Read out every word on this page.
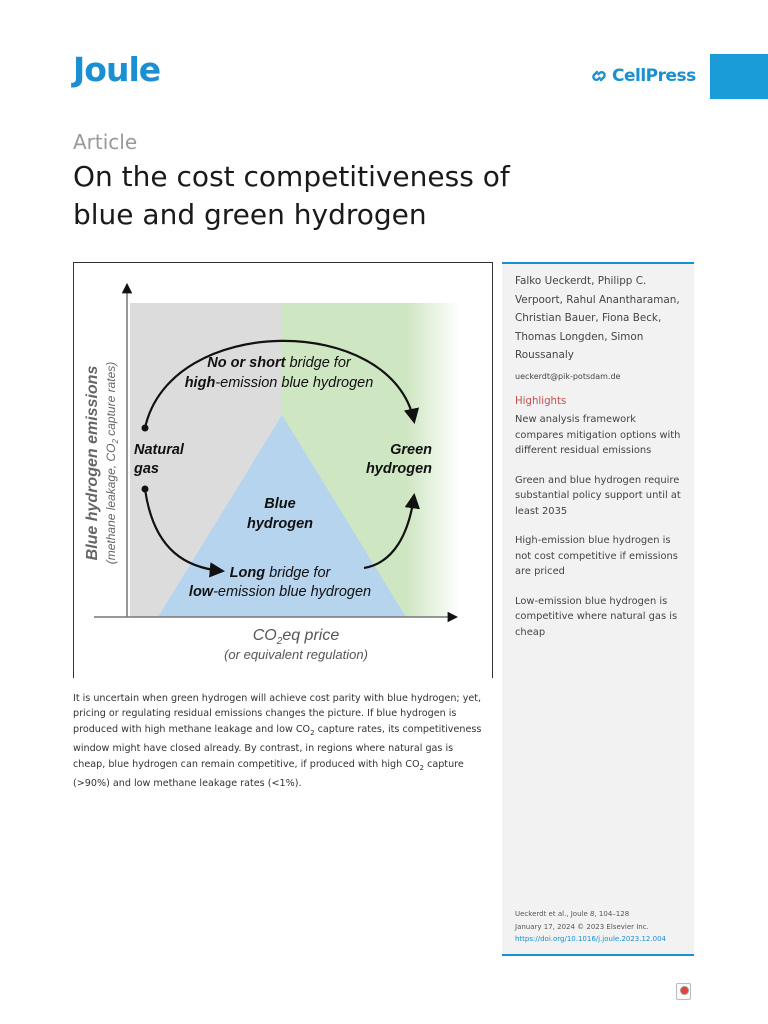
Joule	CellPress
Article
On the cost competitiveness of blue and green hydrogen
Blue hydrogen emissions (methane leakage, $CO_2$ capture rates)	No or short bridge for
high-emission blue hydrogen
Natural
gas
Green
hydrogen
Blue
hydrogen
Long bridge for
low-emission blue hydrogen
$CO_2eq$ price
(or equivalent regulation)

It is uncertain when green hydrogen will achieve cost parity with blue hydrogen; yet, pricing or regulating residual emissions changes the picture. If blue hydrogen is produced with high methane leakage and low $CO_2$ capture rates, its competitiveness window might have closed already. By contrast, in regions where natural gas is cheap, blue hydrogen can remain competitive, if produced with high $CO_2$ capture (>90%) and low methane leakage rates (<1%).

Falko Ueckerdt, Philipp C. Verpoort, Rahul Anantharaman, Christian Bauer, Fiona Beck, Thomas Longden, Simon Roussanaly
ueckerdt@pik-potsdam.de
Highlights

New analysis framework compares mitigation options with different residual emissions

Green and blue hydrogen require substantial policy support until at least 2035

High-emission blue hydrogen is not cost competitive if emissions are priced

Low-emission blue hydrogen is competitive where natural gas is cheap

Ueckerdt et al., Joule 8, 104–128
January 17, 2024 © 2023 Elsevier Inc.
https://doi.org/10.1016/j.joule.2023.12.004
